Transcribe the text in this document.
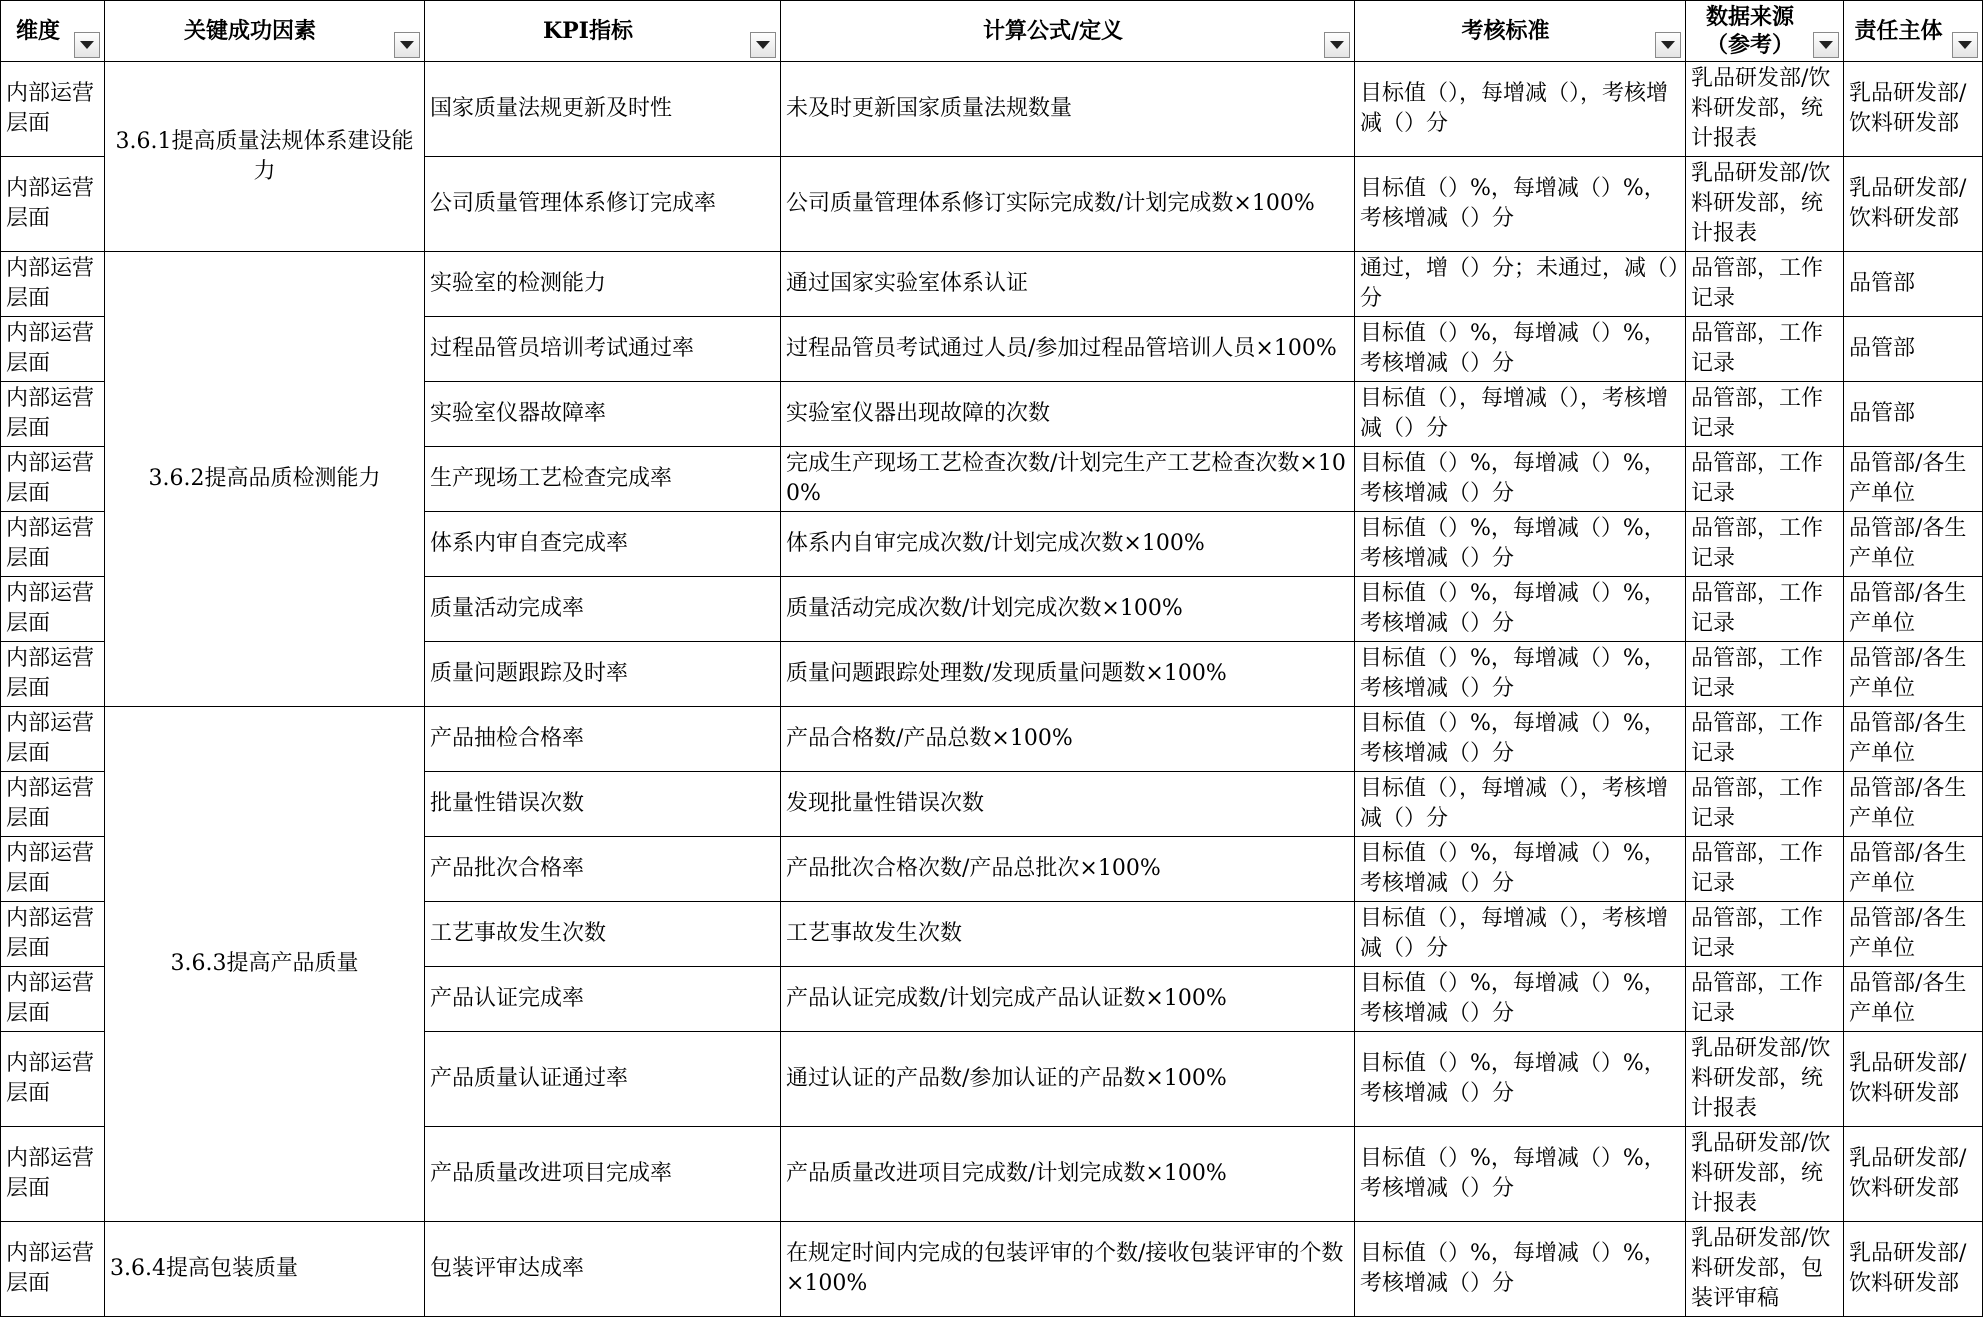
维度	关键成功因素	KPI指标	计算公式/定义	考核标准	数据来源（参考）	责任主体

内部运营层面	3.6.1提高质量法规体系建设能力	国家质量法规更新及时性	未及时更新国家质量法规数量	目标值（），每增减（），考核增减（）分	乳品研发部/饮料研发部，统计报表	乳品研发部/饮料研发部
内部运营层面		公司质量管理体系修订完成率	公司质量管理体系修订实际完成数/计划完成数×100%	目标值（）%，每增减（）%，考核增减（）分	乳品研发部/饮料研发部，统计报表	乳品研发部/饮料研发部
内部运营层面	3.6.2提高品质检测能力	实验室的检测能力	通过国家实验室体系认证	通过，增（）分；未通过，减（）分	品管部，工作记录	品管部
内部运营层面		过程品管员培训考试通过率	过程品管员考试通过人员/参加过程品管培训人员×100%	目标值（）%，每增减（）%，考核增减（）分	品管部，工作记录	品管部
内部运营层面		实验室仪器故障率	实验室仪器出现故障的次数	目标值（），每增减（），考核增减（）分	品管部，工作记录	品管部
内部运营层面		生产现场工艺检查完成率	完成生产现场工艺检查次数/计划完生产工艺检查次数×100%	目标值（）%，每增减（）%，考核增减（）分	品管部，工作记录	品管部/各生产单位
内部运营层面		体系内审自查完成率	体系内自审完成次数/计划完成次数×100%	目标值（）%，每增减（）%，考核增减（）分	品管部，工作记录	品管部/各生产单位
内部运营层面		质量活动完成率	质量活动完成次数/计划完成次数×100%	目标值（）%，每增减（）%，考核增减（）分	品管部，工作记录	品管部/各生产单位
内部运营层面		质量问题跟踪及时率	质量问题跟踪处理数/发现质量问题数×100%	目标值（）%，每增减（）%，考核增减（）分	品管部，工作记录	品管部/各生产单位
内部运营层面	3.6.3提高产品质量	产品抽检合格率	产品合格数/产品总数×100%	目标值（）%，每增减（）%，考核增减（）分	品管部，工作记录	品管部/各生产单位
内部运营层面		批量性错误次数	发现批量性错误次数	目标值（），每增减（），考核增减（）分	品管部，工作记录	品管部/各生产单位
内部运营层面		产品批次合格率	产品批次合格次数/产品总批次×100%	目标值（）%，每增减（）%，考核增减（）分	品管部，工作记录	品管部/各生产单位
内部运营层面		工艺事故发生次数	工艺事故发生次数	目标值（），每增减（），考核增减（）分	品管部，工作记录	品管部/各生产单位
内部运营层面		产品认证完成率	产品认证完成数/计划完成产品认证数×100%	目标值（）%，每增减（）%，考核增减（）分	品管部，工作记录	品管部/各生产单位
内部运营层面		产品质量认证通过率	通过认证的产品数/参加认证的产品数×100%	目标值（）%，每增减（）%，考核增减（）分	乳品研发部/饮料研发部，统计报表	乳品研发部/饮料研发部
内部运营层面		产品质量改进项目完成率	产品质量改进项目完成数/计划完成数×100%	目标值（）%，每增减（）%，考核增减（）分	乳品研发部/饮料研发部，统计报表	乳品研发部/饮料研发部
内部运营层面	3.6.4提高包装质量	包装评审达成率	在规定时间内完成的包装评审的个数/接收包装评审的个数×100%	目标值（）%，每增减（）%，考核增减（）分	乳品研发部/饮料研发部，包装评审稿	乳品研发部/饮料研发部
